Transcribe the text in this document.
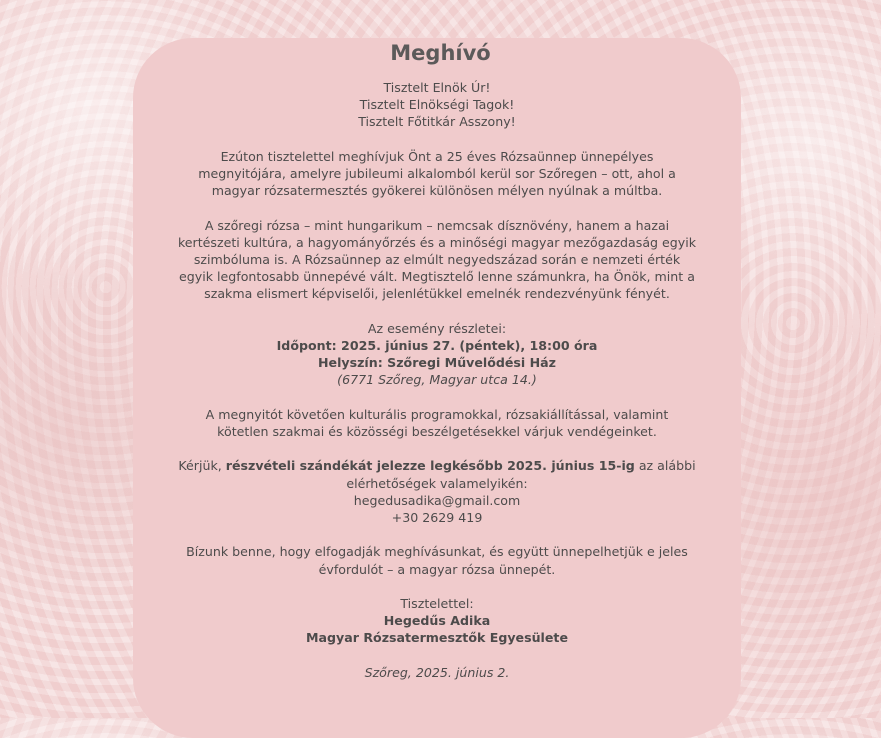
Meghívó

Tisztelt Elnök Úr!
Tisztelt Elnökségi Tagok!
Tisztelt Főtitkár Asszony!

Ezúton tisztelettel meghívjuk Önt a 25 éves Rózsaünnep ünnepélyes
megnyitójára, amelyre jubileumi alkalomból kerül sor Szőregen – ott, ahol a
magyar rózsatermesztés gyökerei különösen mélyen nyúlnak a múltba.

A szőregi rózsa – mint hungarikum – nemcsak dísznövény, hanem a hazai
kertészeti kultúra, a hagyományőrzés és a minőségi magyar mezőgazdaság egyik
szimbóluma is. A Rózsaünnep az elmúlt negyedszázad során e nemzeti érték
egyik legfontosabb ünnepévé vált. Megtisztelő lenne számunkra, ha Önök, mint a
szakma elismert képviselői, jelenlétükkel emelnék rendezvényünk fényét.

Az esemény részletei:
Időpont: 2025. június 27. (péntek), 18:00 óra
Helyszín: Szőregi Művelődési Ház
(6771 Szőreg, Magyar utca 14.)

A megnyitót követően kulturális programokkal, rózsakiállítással, valamint
kötetlen szakmai és közösségi beszélgetésekkel várjuk vendégeinket.

Kérjük, részvételi szándékát jelezze legkésőbb 2025. június 15-ig az alábbi
elérhetőségek valamelyikén:
hegedusadika@gmail.com
+30 2629 419

Bízunk benne, hogy elfogadják meghívásunkat, és együtt ünnepelhetjük e jeles
évfordulót – a magyar rózsa ünnepét.

Tisztelettel:
Hegedűs Adika
Magyar Rózsatermesztők Egyesülete

Szőreg, 2025. június 2.
